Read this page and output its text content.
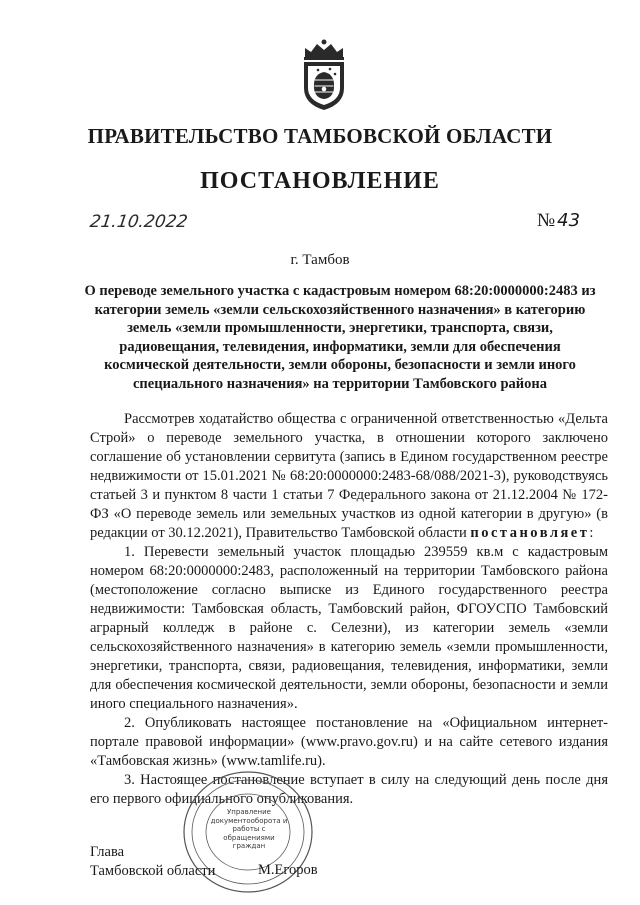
ПРАВИТЕЛЬСТВО ТАМБОВСКОЙ ОБЛАСТИ
ПОСТАНОВЛЕНИЕ
21.10.2022	№ 43
г. Тамбов
О переводе земельного участка с кадастровым номером 68:20:0000000:2483 из категории земель «земли сельскохозяйственного назначения» в категорию земель «земли промышленности, энергетики, транспорта, связи, радиовещания, телевидения, информатики, земли для обеспечения космической деятельности, земли обороны, безопасности и земли иного специального назначения» на территории Тамбовского района

Рассмотрев ходатайство общества с ограниченной ответственностью «Дельта Строй» о переводе земельного участка, в отношении которого заключено соглашение об установлении сервитута (запись в Едином государственном реестре недвижимости от 15.01.2021 № 68:20:0000000:2483-68/088/2021-3), руководствуясь статьей 3 и пунктом 8 части 1 статьи 7 Федерального закона от 21.12.2004 № 172-ФЗ «О переводе земель или земельных участков из одной категории в другую» (в редакции от 30.12.2021), Правительство Тамбовской области постановляет:

1. Перевести земельный участок площадью 239559 кв.м с кадастровым номером 68:20:0000000:2483, расположенный на территории Тамбовского района (местоположение согласно выписке из Единого государственного реестра недвижимости: Тамбовская область, Тамбовский район, ФГОУСПО Тамбовский аграрный колледж в районе с. Селезни), из категории земель «земли сельскохозяйственного назначения» в категорию земель «земли промышленности, энергетики, транспорта, связи, радиовещания, телевидения, информатики, земли для обеспечения космической деятельности, земли обороны, безопасности и земли иного специального назначения».

2. Опубликовать настоящее постановление на «Официальном интернет-портале правовой информации» (www.pravo.gov.ru) и на сайте сетевого издания «Тамбовская жизнь» (www.tamlife.ru).

3. Настоящее постановление вступает в силу на следующий день после дня его первого официального опубликования.

Управление документооборота и работы с обращениями граждан
Глава
Тамбовской области	М.Егоров
